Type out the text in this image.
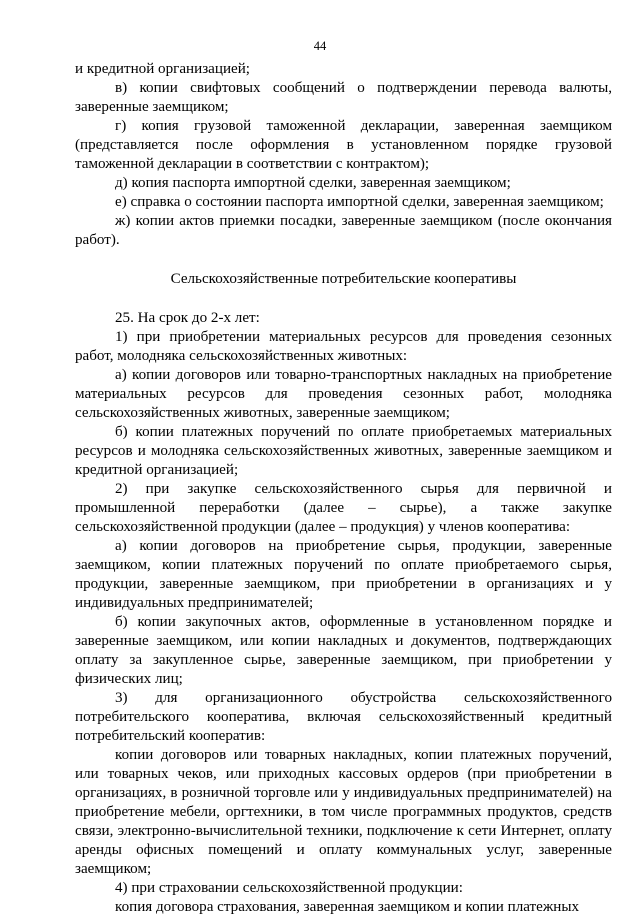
44

и кредитной организацией;

в) копии свифтовых сообщений о подтверждении перевода валюты, заверенные заемщиком;

г) копия грузовой таможенной декларации, заверенная заемщиком (представляется после оформления в установленном порядке грузовой таможенной декларации в соответствии с контрактом);

д) копия паспорта импортной сделки, заверенная заемщиком;

е) справка о состоянии паспорта импортной сделки, заверенная заемщиком;

ж) копии актов приемки посадки, заверенные заемщиком (после окончания работ).

Сельскохозяйственные потребительские кооперативы

25. На срок до 2-х лет:

1) при приобретении материальных ресурсов для проведения сезонных работ, молодняка сельскохозяйственных животных:

а) копии договоров или товарно-транспортных накладных на приобретение материальных ресурсов для проведения сезонных работ, молодняка сельскохозяйственных животных, заверенные заемщиком;

б) копии платежных поручений по оплате приобретаемых материальных ресурсов и молодняка сельскохозяйственных животных, заверенные заемщиком и кредитной организацией;

2) при закупке сельскохозяйственного сырья для первичной и промышленной переработки (далее – сырье), а также закупке сельскохозяйственной продукции (далее – продукция) у членов кооператива:

а) копии договоров на приобретение сырья, продукции, заверенные заемщиком, копии платежных поручений по оплате приобретаемого сырья, продукции, заверенные заемщиком, при приобретении в организациях и у индивидуальных предпринимателей;

б) копии закупочных актов, оформленные в установленном порядке и заверенные заемщиком, или копии накладных и документов, подтверждающих оплату за закупленное сырье, заверенные заемщиком, при приобретении у физических лиц;

3) для организационного обустройства сельскохозяйственного потребительского кооператива, включая сельскохозяйственный кредитный потребительский кооператив:

копии договоров или товарных накладных, копии платежных поручений, или товарных чеков, или приходных кассовых ордеров (при приобретении в организациях, в розничной торговле или у индивидуальных предпринимателей) на приобретение мебели, оргтехники, в том числе программных продуктов, средств связи, электронно-вычислительной техники, подключение к сети Интернет, оплату аренды офисных помещений и оплату коммунальных услуг, заверенные заемщиком;

4) при страховании сельскохозяйственной продукции:

копия договора страхования, заверенная заемщиком и копии платежных
